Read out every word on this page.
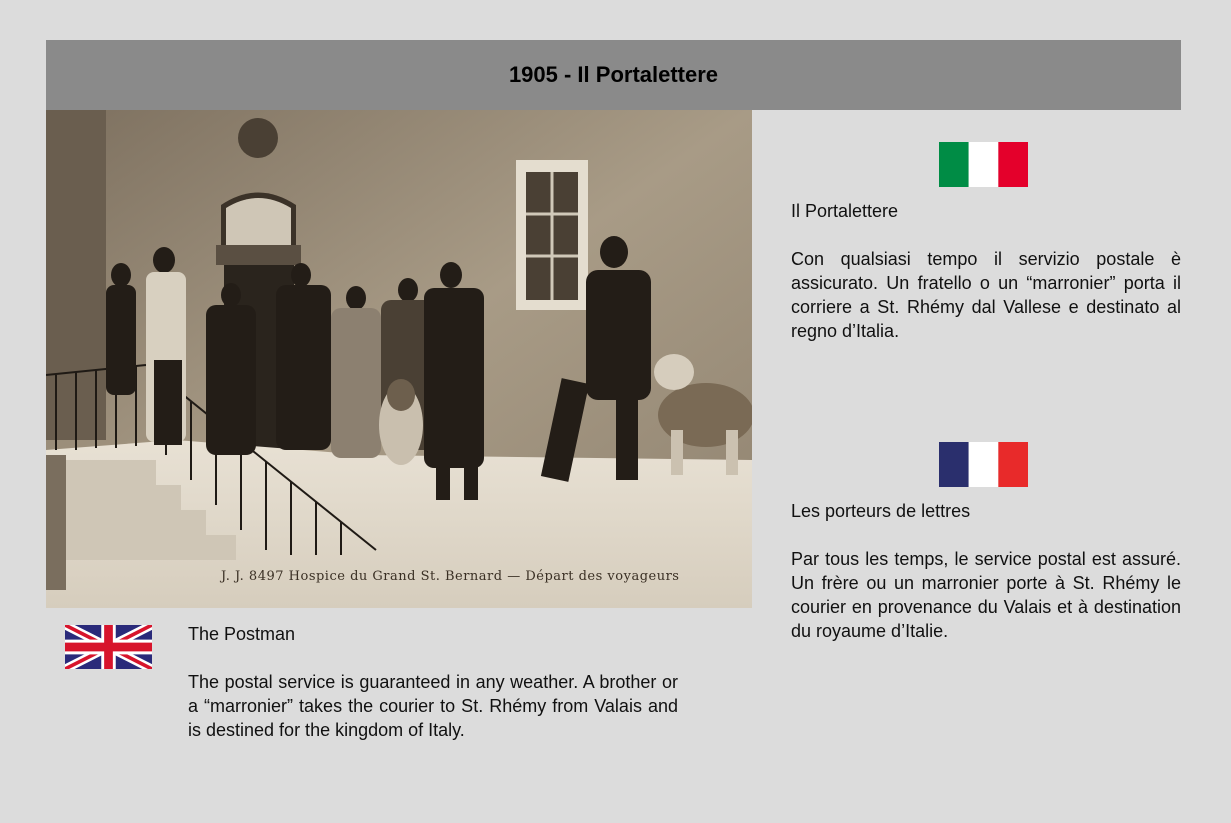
1905 - Il Portalettere
J. J. 8497 Hospice du Grand St. Bernard — Départ des voyageurs

Il Portalettere

Con qualsiasi tempo il servizio postale è assicurato. Un fratello o un “marronier” porta il corriere a St. Rhémy dal Vallese e destinato al regno d’Italia.

Les porteurs de lettres

Par tous les temps, le service postal est assuré. Un frère ou un marronier porte à St. Rhémy le courier en provenance du Valais et à destination du royaume d’Italie.

The Postman

The postal service is guaranteed in any weather. A brother or a “marronier” takes the courier to St. Rhémy from Valais and is destined for the kingdom of Italy.
